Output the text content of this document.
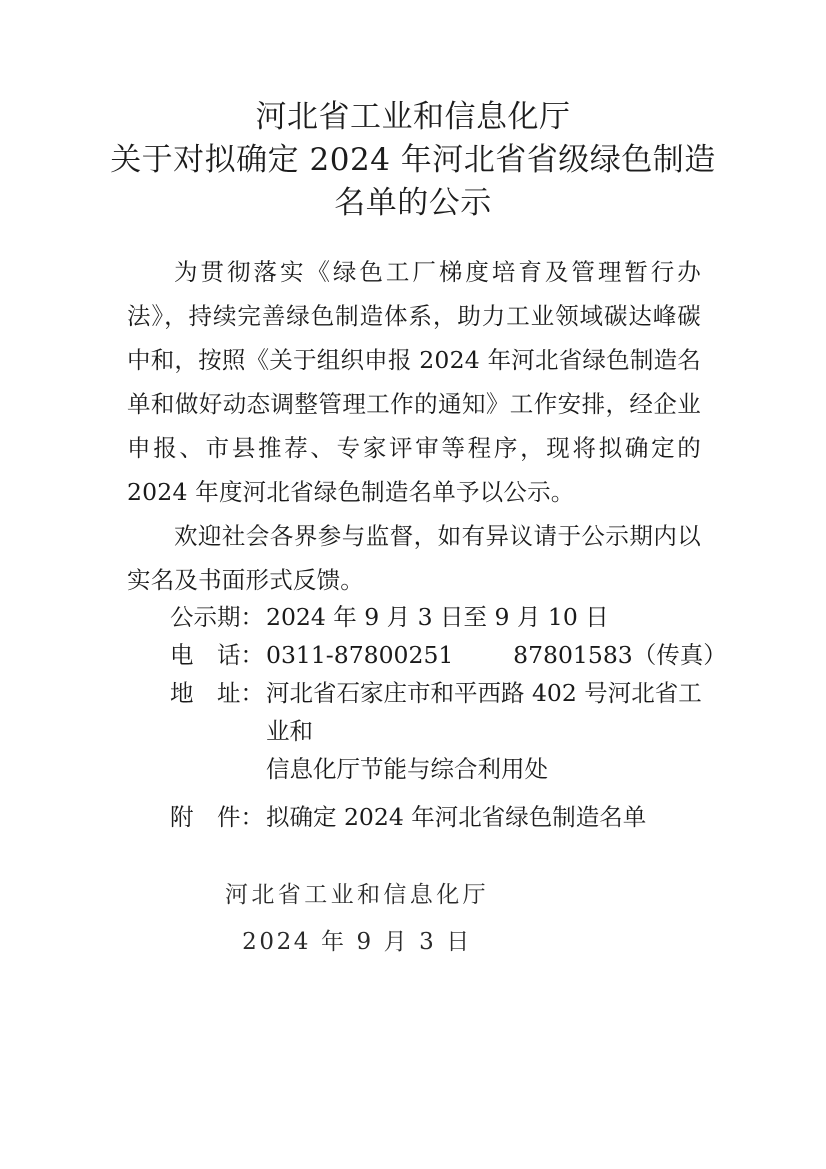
河北省工业和信息化厅
关于对拟确定 2024 年河北省省级绿色制造
名单的公示

为贯彻落实《绿色工厂梯度培育及管理暂行办法》，持续完善绿色制造体系，助力工业领域碳达峰碳中和，按照《关于组织申报 2024 年河北省绿色制造名单和做好动态调整管理工作的通知》工作安排，经企业申报、市县推荐、专家评审等程序，现将拟确定的 2024 年度河北省绿色制造名单予以公示。

欢迎社会各界参与监督，如有异议请于公示期内以实名及书面形式反馈。

公示期： 2024 年 9 月 3 日至 9 月 10 日
电　话： 0311-87800251        87801583（传真）
地　址： 河北省石家庄市和平西路 402 号河北省工业和
信息化厅节能与综合利用处
附　件： 拟确定 2024 年河北省绿色制造名单
河北省工业和信息化厅
2024 年 9 月 3 日
